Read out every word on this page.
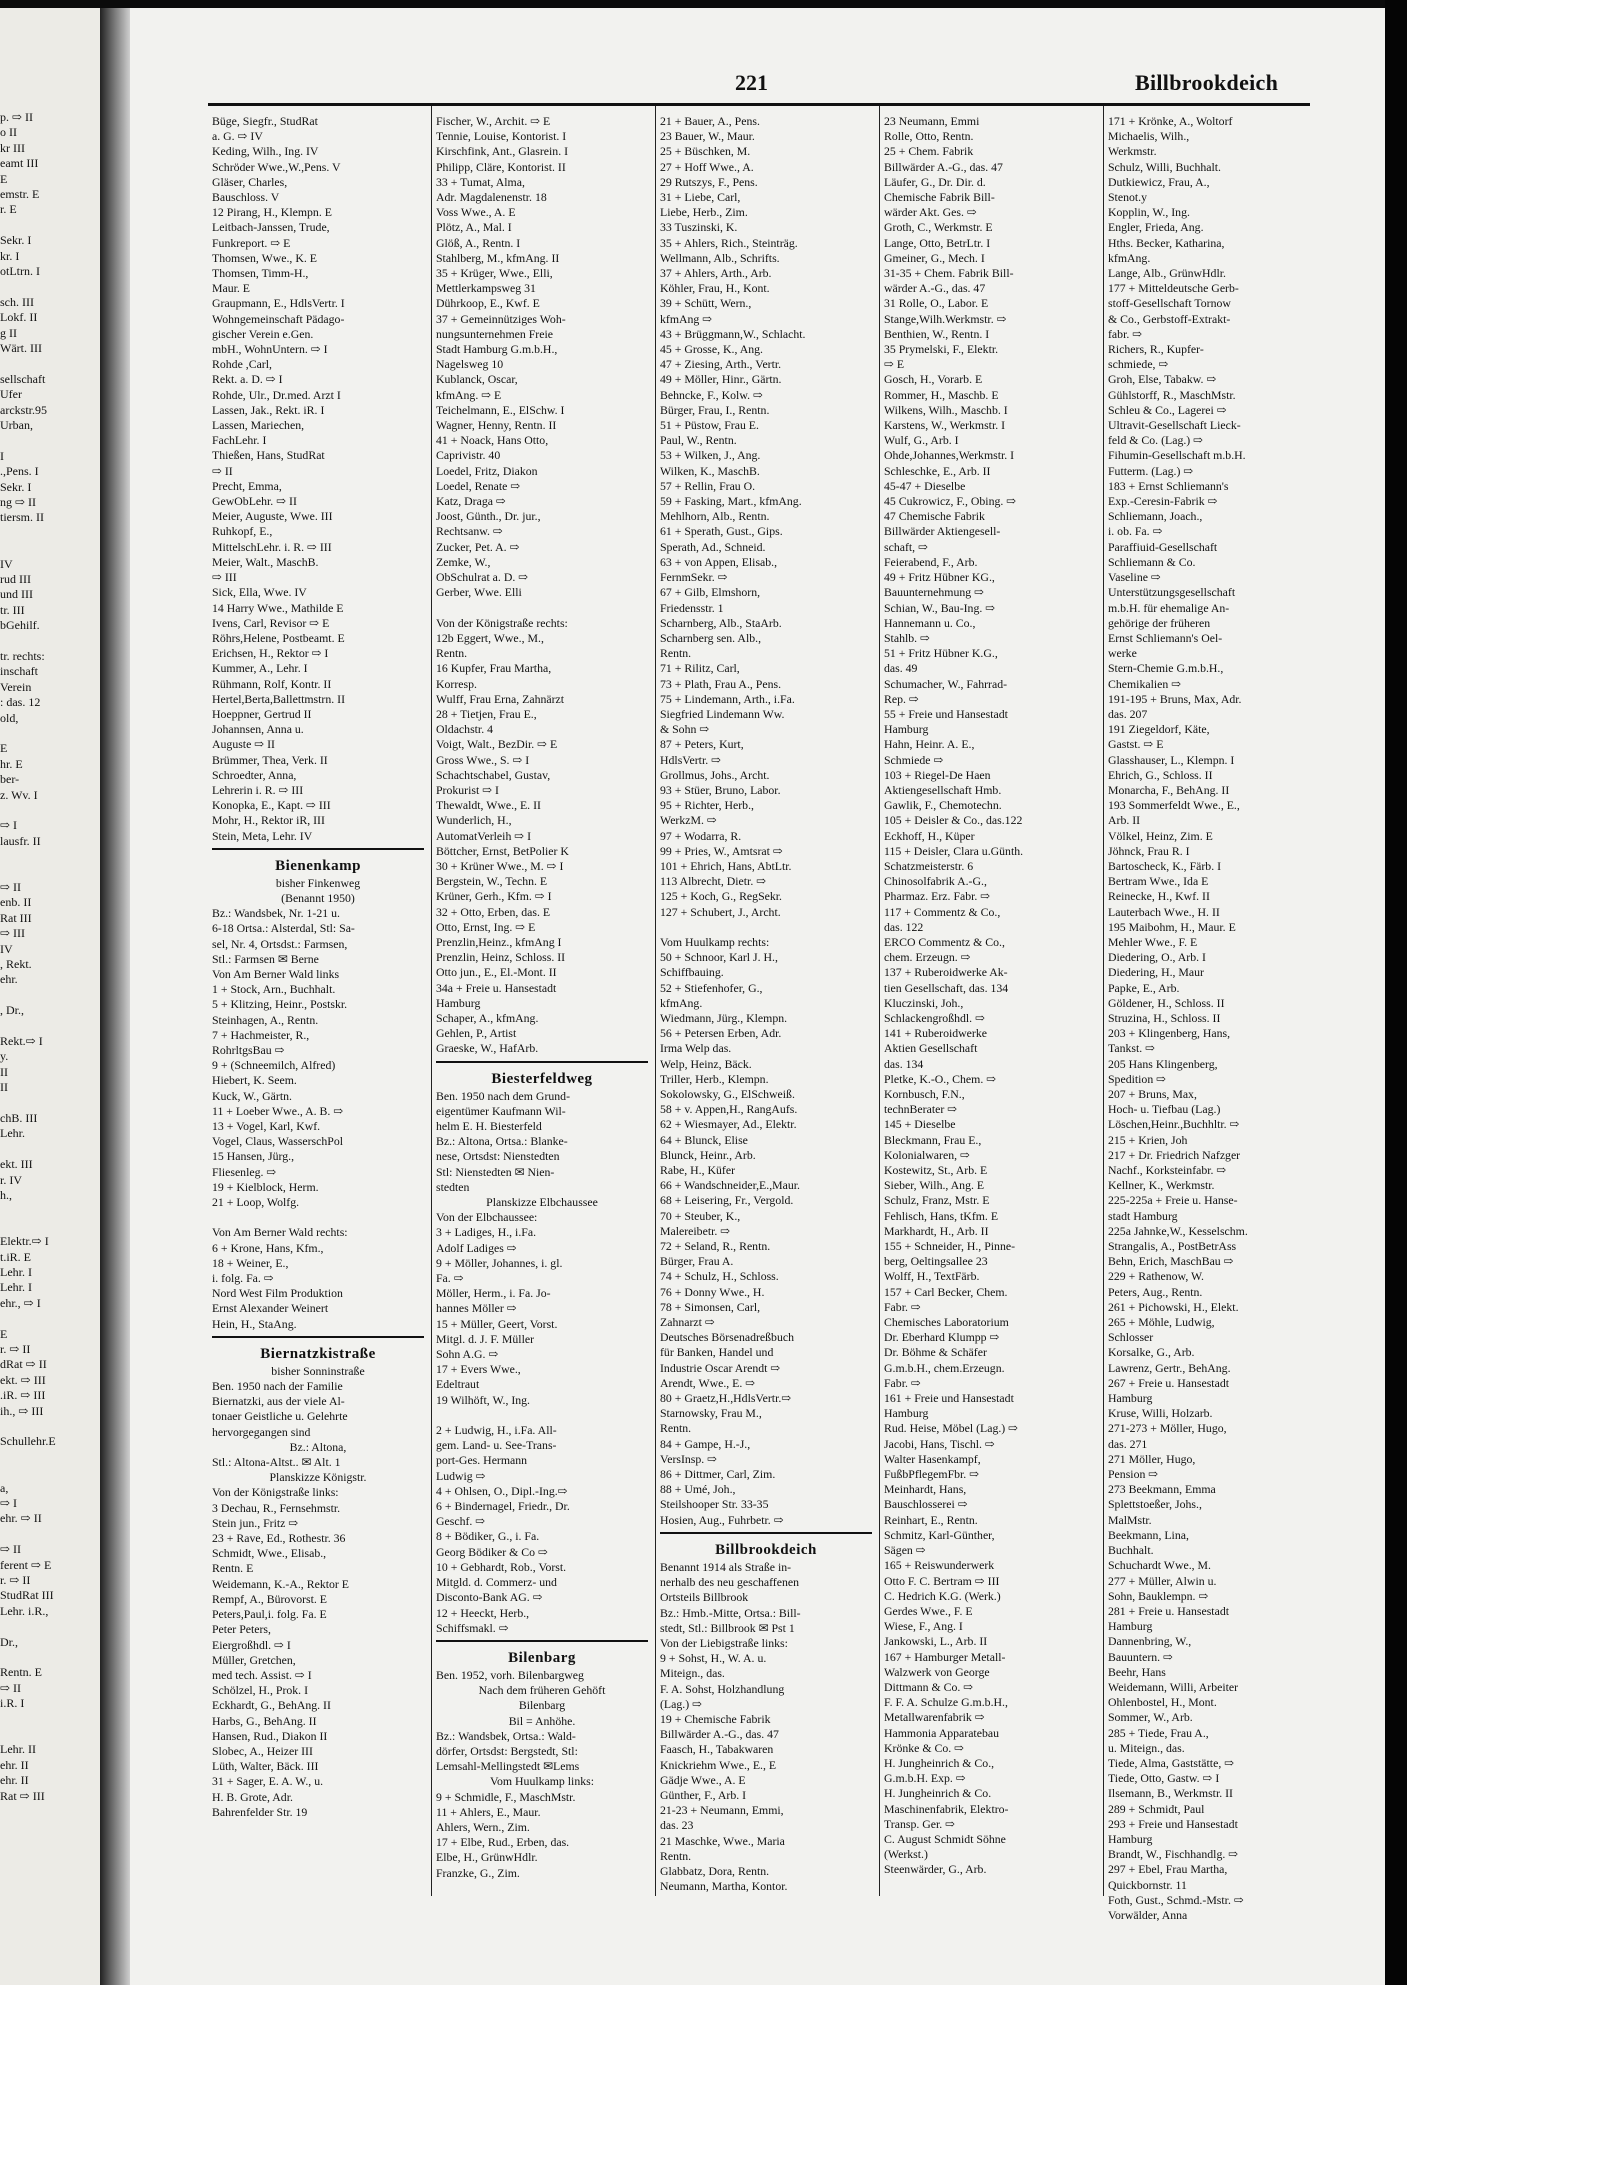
p. ⇨ II
o II
kr III
eamt III
E
emstr. E
r. E
Sekr. I
kr. I
otLtrn. I
sch. III
Lokf. II
g II
Wärt. III
sellschaft
Ufer
arckstr.95
Urban,
I
.,Pens. I
Sekr. I
ng ⇨ II
tiersm. II
IV
rud III
und III
tr. III
bGehilf.
tr. rechts:
inschaft
Verein
: das. 12
old,
E
hr. E
ber-
z. Wv. I
⇨ I
lausfr. II
⇨ II
enb. II
Rat III
⇨ III
IV
, Rekt.
ehr.
, Dr.,
Rekt.⇨ I
y.
II
II
chB. III
Lehr.
ekt. III
r. IV
h.,
Elektr.⇨ I
t.iR. E
Lehr. I
Lehr. I
ehr., ⇨ I
E
r. ⇨ II
dRat ⇨ II
ekt. ⇨ III
.iR. ⇨ III
ih., ⇨ III
Schullehr.E
a,
⇨ I
ehr. ⇨ II
⇨ II
ferent ⇨ E
r. ⇨ II
StudRat III
Lehr. i.R.,
Dr.,
Rentn. E
⇨ II
i.R. I
Lehr. II
ehr. II
ehr. II
Rat ⇨ III
221	Billbrookdeich
Büge, Siegfr., StudRat
a. G. ⇨ IV
Keding, Wilh., Ing. IV
Schröder Wwe.,W.,Pens. V
Gläser, Charles,
Bauschloss. V
12 Pirang, H., Klempn. E
Leitbach-Janssen, Trude,
Funkreport. ⇨ E
Thomsen, Wwe., K. E
Thomsen, Timm-H.,
Maur. E
Graupmann, E., HdlsVertr. I
Wohngemeinschaft Pädago-
gischer Verein e.Gen.
mbH., WohnUntern. ⇨ I
Rohde ,Carl,
Rekt. a. D. ⇨ I
Rohde, Ulr., Dr.med. Arzt I
Lassen, Jak., Rekt. iR. I
Lassen, Mariechen,
FachLehr. I
Thießen, Hans, StudRat
⇨ II
Precht, Emma,
GewObLehr. ⇨ II
Meier, Auguste, Wwe. III
Ruhkopf, E.,
MittelschLehr. i. R. ⇨ III
Meier, Walt., MaschB.
⇨ III
Sick, Ella, Wwe. IV
14 Harry Wwe., Mathilde E
Ivens, Carl, Revisor ⇨ E
Röhrs,Helene, Postbeamt. E
Erichsen, H., Rektor ⇨ I
Kummer, A., Lehr. I
Rühmann, Rolf, Kontr. II
Hertel,Berta,Ballettmstrn. II
Hoeppner, Gertrud II
Johannsen, Anna u.
Auguste ⇨ II
Brümmer, Thea, Verk. II
Schroedter, Anna,
Lehrerin i. R. ⇨ III
Konopka, E., Kapt. ⇨ III
Mohr, H., Rektor iR, III
Stein, Meta, Lehr. IV
Bienenkamp
bisher Finkenweg
(Benannt 1950)
Bz.: Wandsbek, Nr. 1-21 u.
6-18 Ortsa.: Alsterdal, Stl: Sa-
sel, Nr. 4, Ortsdst.: Farmsen,
Stl.: Farmsen ✉ Berne
Von Am Berner Wald links
1 + Stock, Arn., Buchhalt.
5 + Klitzing, Heinr., Postskr.
Steinhagen, A., Rentn.
7 + Hachmeister, R.,
RohrltgsBau ⇨
9 + (Schneemilch, Alfred)
Hiebert, K. Seem.
Kuck, W., Gärtn.
11 + Loeber Wwe., A. B. ⇨
13 + Vogel, Karl, Kwf.
Vogel, Claus, WasserschPol
15 Hansen, Jürg.,
Fliesenleg. ⇨
19 + Kielblock, Herm.
21 + Loop, Wolfg.

Von Am Berner Wald rechts:
6 + Krone, Hans, Kfm.,
18 + Weiner, E.,
i. folg. Fa. ⇨
Nord West Film Produktion
Ernst Alexander Weinert
Hein, H., StaAng.
Biernatzkistraße
bisher Sonninstraße
Ben. 1950 nach der Familie
Biernatzki, aus der viele Al-
tonaer Geistliche u. Gelehrte
hervorgegangen sind
Bz.: Altona,
Stl.: Altona-Altst.. ✉ Alt. 1
Planskizze Königstr.
Von der Königstraße links:
3 Dechau, R., Fernsehmstr.
Stein jun., Fritz ⇨
23 + Rave, Ed., Rothestr. 36
Schmidt, Wwe., Elisab.,
Rentn. E
Weidemann, K.-A., Rektor E
Rempf, A., Bürovorst. E
Peters,Paul,i. folg. Fa. E
Peter Peters,
Eiergroßhdl. ⇨ I
Müller, Gretchen,
med tech. Assist. ⇨ I
Schölzel, H., Prok. I
Eckhardt, G., BehAng. II
Harbs, G., BehAng. II
Hansen, Rud., Diakon II
Slobec, A., Heizer III
Lüth, Walter, Bäck. III
31 + Sager, E. A. W., u.
H. B. Grote, Adr.
Bahrenfelder Str. 19
Fischer, W., Archit. ⇨ E
Tennie, Louise, Kontorist. I
Kirschfink, Ant., Glasrein. I
Philipp, Cläre, Kontorist. II
33 + Tumat, Alma,
Adr. Magdalenenstr. 18
Voss Wwe., A. E
Plötz, A., Mal. I
Glöß, A., Rentn. I
Stahlberg, M., kfmAng. II
35 + Krüger, Wwe., Elli,
Mettlerkampsweg 31
Dührkoop, E., Kwf. E
37 + Gemeinnütziges Woh-
nungsunternehmen Freie
Stadt Hamburg G.m.b.H.,
Nagelsweg 10
Kublanck, Oscar,
kfmAng. ⇨ E
Teichelmann, E., ElSchw. I
Wagner, Henny, Rentn. II
41 + Noack, Hans Otto,
Caprivistr. 40
Loedel, Fritz, Diakon
Loedel, Renate ⇨
Katz, Draga ⇨
Joost, Günth., Dr. jur.,
Rechtsanw. ⇨
Zucker, Pet. A. ⇨
Zemke, W.,
ObSchulrat a. D. ⇨
Gerber, Wwe. Elli

Von der Königstraße rechts:
12b Eggert, Wwe., M.,
Rentn.
16 Kupfer, Frau Martha,
Korresp.
Wulff, Frau Erna, Zahnärzt
28 + Tietjen, Frau E.,
Oldachstr. 4
Voigt, Walt., BezDir. ⇨ E
Gross Wwe., S. ⇨ I
Schachtschabel, Gustav,
Prokurist ⇨ I
Thewaldt, Wwe., E. II
Wunderlich, H.,
AutomatVerleih ⇨ I
Böttcher, Ernst, BetPolier K
30 + Krüner Wwe., M. ⇨ I
Bergstein, W., Techn. E
Krüner, Gerh., Kfm. ⇨ I
32 + Otto, Erben, das. E
Otto, Ernst, Ing. ⇨ E
Prenzlin,Heinz., kfmAng I
Prenzlin, Heinz, Schloss. II
Otto jun., E., El.-Mont. II
34a + Freie u. Hansestadt
Hamburg
Schaper, A., kfmAng.
Gehlen, P., Artist
Graeske, W., HafArb.
Biesterfeldweg
Ben. 1950 nach dem Grund-
eigentümer Kaufmann Wil-
helm E. H. Biesterfeld
Bz.: Altona, Ortsa.: Blanke-
nese, Ortsdst: Nienstedten
Stl: Nienstedten ✉ Nien-
stedten
Planskizze Elbchaussee
Von der Elbchaussee:
3 + Ladiges, H., i.Fa.
Adolf Ladiges ⇨
9 + Möller, Johannes, i. gl.
Fa. ⇨
Möller, Herm., i. Fa. Jo-
hannes Möller ⇨
15 + Müller, Geert, Vorst.
Mitgl. d. J. F. Müller
Sohn A.G. ⇨
17 + Evers Wwe.,
Edeltraut
19 Wilhöft, W., Ing.

2 + Ludwig, H., i.Fa. All-
gem. Land- u. See-Trans-
port-Ges. Hermann
Ludwig ⇨
4 + Ohlsen, O., Dipl.-Ing.⇨
6 + Bindernagel, Friedr., Dr.
Geschf. ⇨
8 + Bödiker, G., i. Fa.
Georg Bödiker & Co ⇨
10 + Gebhardt, Rob., Vorst.
Mitgld. d. Commerz- und
Disconto-Bank AG. ⇨
12 + Heeckt, Herb.,
Schiffsmakl. ⇨
Bilenbarg
Ben. 1952, vorh. Bilenbargweg
Nach dem früheren Gehöft
Bilenbarg
Bil = Anhöhe.
Bz.: Wandsbek, Ortsa.: Wald-
dörfer, Ortsdst: Bergstedt, Stl:
Lemsahl-Mellingstedt ✉Lems
Vom Huulkamp links:
9 + Schmidle, F., MaschMstr.
11 + Ahlers, E., Maur.
Ahlers, Wern., Zim.
17 + Elbe, Rud., Erben, das.
Elbe, H., GrünwHdlr.
Franzke, G., Zim.
21 + Bauer, A., Pens.
23 Bauer, W., Maur.
25 + Büschken, M.
27 + Hoff Wwe., A.
29 Rutszys, F., Pens.
31 + Liebe, Carl,
Liebe, Herb., Zim.
33 Tuszinski, K.
35 + Ahlers, Rich., Steinträg.
Wellmann, Alb., Schrifts.
37 + Ahlers, Arth., Arb.
Köhler, Frau, H., Kont.
39 + Schütt, Wern.,
kfmAng ⇨
43 + Brüggmann,W., Schlacht.
45 + Grosse, K., Ang.
47 + Ziesing, Arth., Vertr.
49 + Möller, Hinr., Gärtn.
Behncke, F., Kolw. ⇨
Bürger, Frau, I., Rentn.
51 + Püstow, Frau E.
Paul, W., Rentn.
53 + Wilken, J., Ang.
Wilken, K., MaschB.
57 + Rellin, Frau O.
59 + Fasking, Mart., kfmAng.
Mehlhorn, Alb., Rentn.
61 + Sperath, Gust., Gips.
Sperath, Ad., Schneid.
63 + von Appen, Elisab.,
FernmSekr. ⇨
67 + Gilb, Elmshorn,
Friedensstr. 1
Scharnberg, Alb., StaArb.
Scharnberg sen. Alb.,
Rentn.
71 + Rilitz, Carl,
73 + Plath, Frau A., Pens.
75 + Lindemann, Arth., i.Fa.
Siegfried Lindemann Ww.
& Sohn ⇨
87 + Peters, Kurt,
HdlsVertr. ⇨
Grollmus, Johs., Archt.
93 + Stüer, Bruno, Labor.
95 + Richter, Herb.,
WerkzM. ⇨
97 + Wodarra, R.
99 + Pries, W., Amtsrat ⇨
101 + Ehrich, Hans, AbtLtr.
113 Albrecht, Dietr. ⇨
125 + Koch, G., RegSekr.
127 + Schubert, J., Archt.

Vom Huulkamp rechts:
50 + Schnoor, Karl J. H.,
Schiffbauing.
52 + Stiefenhofer, G.,
kfmAng.
Wiedmann, Jürg., Klempn.
56 + Petersen Erben, Adr.
Irma Welp das.
Welp, Heinz, Bäck.
Triller, Herb., Klempn.
Sokolowsky, G., ElSchweiß.
58 + v. Appen,H., RangAufs.
62 + Wiesmayer, Ad., Elektr.
64 + Blunck, Elise
Blunck, Heinr., Arb.
Rabe, H., Küfer
66 + Wandschneider,E.,Maur.
68 + Leisering, Fr., Vergold.
70 + Steuber, K.,
Malereibetr. ⇨
72 + Seland, R., Rentn.
Bürger, Frau A.
74 + Schulz, H., Schloss.
76 + Donny Wwe., H.
78 + Simonsen, Carl,
Zahnarzt ⇨
Deutsches Börsenadreßbuch
für Banken, Handel und
Industrie Oscar Arendt ⇨
Arendt, Wwe., E. ⇨
80 + Graetz,H.,HdlsVertr.⇨
Starnowsky, Frau M.,
Rentn.
84 + Gampe, H.-J.,
VersInsp. ⇨
86 + Dittmer, Carl, Zim.
88 + Umé, Joh.,
Steilshooper Str. 33-35
Hosien, Aug., Fuhrbetr. ⇨
Billbrookdeich
Benannt 1914 als Straße in-
nerhalb des neu geschaffenen
Ortsteils Billbrook
Bz.: Hmb.-Mitte, Ortsa.: Bill-
stedt, Stl.: Billbrook ✉ Pst 1
Von der Liebigstraße links:
9 + Sohst, H., W. A. u.
Miteign., das.
F. A. Sohst, Holzhandlung
(Lag.) ⇨
19 + Chemische Fabrik
Billwärder A.-G., das. 47
Faasch, H., Tabakwaren
Knickriehm Wwe., E., E
Gädje Wwe., A. E
Günther, F., Arb. I
21-23 + Neumann, Emmi,
das. 23
21 Maschke, Wwe., Maria
Rentn.
Glabbatz, Dora, Rentn.
Neumann, Martha, Kontor.
23 Neumann, Emmi
Rolle, Otto, Rentn.
25 + Chem. Fabrik
Billwärder A.-G., das. 47
Läufer, G., Dr. Dir. d.
Chemische Fabrik Bill-
wärder Akt. Ges. ⇨
Groth, C., Werkmstr. E
Lange, Otto, BetrLtr. I
Gmeiner, G., Mech. I
31-35 + Chem. Fabrik Bill-
wärder A.-G., das. 47
31 Rolle, O., Labor. E
Stange,Wilh.Werkmstr. ⇨
Benthien, W., Rentn. I
35 Prymelski, F., Elektr.
⇨ E
Gosch, H., Vorarb. E
Rommer, H., Maschb. E
Wilkens, Wilh., Maschb. I
Karstens, W., Werkmstr. I
Wulf, G., Arb. I
Ohde,Johannes,Werkmstr. I
Schleschke, E., Arb. II
45-47 + Dieselbe
45 Cukrowicz, F., Obing. ⇨
47 Chemische Fabrik
Billwärder Aktiengesell-
schaft, ⇨
Feierabend, F., Arb.
49 + Fritz Hübner KG.,
Bauunternehmung ⇨
Schian, W., Bau-Ing. ⇨
Hannemann u. Co.,
Stahlb. ⇨
51 + Fritz Hübner K.G.,
das. 49
Schumacher, W., Fahrrad-
Rep. ⇨
55 + Freie und Hansestadt
Hamburg
Hahn, Heinr. A. E.,
Schmiede ⇨
103 + Riegel-De Haen
Aktiengesellschaft Hmb.
Gawlik, F., Chemotechn.
105 + Deisler & Co., das.122
Eckhoff, H., Küper
115 + Deisler, Clara u.Günth.
Schatzmeisterstr. 6
Chinosolfabrik A.-G.,
Pharmaz. Erz. Fabr. ⇨
117 + Commentz & Co.,
das. 122
ERCO Commentz & Co.,
chem. Erzeugn. ⇨
137 + Ruberoidwerke Ak-
tien Gesellschaft, das. 134
Kluczinski, Joh.,
Schlackengroßhdl. ⇨
141 + Ruberoidwerke
Aktien Gesellschaft
das. 134
Pletke, K.-O., Chem. ⇨
Kornbusch, F.N.,
technBerater ⇨
145 + Dieselbe
Bleckmann, Frau E.,
Kolonialwaren, ⇨
Kostewitz, St., Arb. E
Sieber, Wilh., Ang. E
Schulz, Franz, Mstr. E
Fehlisch, Hans, tKfm. E
Markhardt, H., Arb. II
155 + Schneider, H., Pinne-
berg, Oeltingsallee 23
Wolff, H., TextFärb.
157 + Carl Becker, Chem.
Fabr. ⇨
Chemisches Laboratorium
Dr. Eberhard Klumpp ⇨
Dr. Böhme & Schäfer
G.m.b.H., chem.Erzeugn.
Fabr. ⇨
161 + Freie und Hansestadt
Hamburg
Rud. Heise, Möbel (Lag.) ⇨
Jacobi, Hans, Tischl. ⇨
Walter Hasenkampf,
FußbPflegemFbr. ⇨
Meinhardt, Hans,
Bauschlosserei ⇨
Reinhart, E., Rentn.
Schmitz, Karl-Günther,
Sägen ⇨
165 + Reiswunderwerk
Otto F. C. Bertram ⇨ III
C. Hedrich K.G. (Werk.)
Gerdes Wwe., F. E
Wiese, F., Ang. I
Jankowski, L., Arb. II
167 + Hamburger Metall-
Walzwerk von George
Dittmann & Co. ⇨
F. F. A. Schulze G.m.b.H.,
Metallwarenfabrik ⇨
Hammonia Apparatebau
Krönke & Co. ⇨
H. Jungheinrich & Co.,
G.m.b.H. Exp. ⇨
H. Jungheinrich & Co.
Maschinenfabrik, Elektro-
Transp. Ger. ⇨
C. August Schmidt Söhne
(Werkst.)
Steenwärder, G., Arb.
171 + Krönke, A., Woltorf
Michaelis, Wilh.,
Werkmstr.
Schulz, Willi, Buchhalt.
Dutkiewicz, Frau, A.,
Stenot.y
Kopplin, W., Ing.
Engler, Frieda, Ang.
Hths. Becker, Katharina,
kfmAng.
Lange, Alb., GrünwHdlr.
177 + Mitteldeutsche Gerb-
stoff-Gesellschaft Tornow
& Co., Gerbstoff-Extrakt-
fabr. ⇨
Richers, R., Kupfer-
schmiede, ⇨
Groh, Else, Tabakw. ⇨
Gühlstorff, R., MaschMstr.
Schleu & Co., Lagerei ⇨
Ultravit-Gesellschaft Lieck-
feld & Co. (Lag.) ⇨
Fihumin-Gesellschaft m.b.H.
Futterm. (Lag.) ⇨
183 + Ernst Schliemann's
Exp.-Ceresin-Fabrik ⇨
Schliemann, Joach.,
i. ob. Fa. ⇨
Paraffiuid-Gesellschaft
Schliemann & Co.
Vaseline ⇨
Unterstützungsgesellschaft
m.b.H. für ehemalige An-
gehörige der früheren
Ernst Schliemann's Oel-
werke
Stern-Chemie G.m.b.H.,
Chemikalien ⇨
191-195 + Bruns, Max, Adr.
das. 207
191 Ziegeldorf, Käte,
Gastst. ⇨ E
Glasshauser, L., Klempn. I
Ehrich, G., Schloss. II
Monarcha, F., BehAng. II
193 Sommerfeldt Wwe., E.,
Arb. II
Völkel, Heinz, Zim. E
Jöhnck, Frau R. I
Bartoscheck, K., Färb. I
Bertram Wwe., Ida E
Reinecke, H., Kwf. II
Lauterbach Wwe., H. II
195 Maibohm, H., Maur. E
Mehler Wwe., F. E
Diedering, O., Arb. I
Diedering, H., Maur
Papke, E., Arb.
Göldener, H., Schloss. II
Struzina, H., Schloss. II
203 + Klingenberg, Hans,
Tankst. ⇨
205 Hans Klingenberg,
Spedition ⇨
207 + Bruns, Max,
Hoch- u. Tiefbau (Lag.)
Löschen,Heinr.,Buchhltr. ⇨
215 + Krien, Joh
217 + Dr. Friedrich Nafzger
Nachf., Korksteinfabr. ⇨
Kellner, K., Werkmstr.
225-225a + Freie u. Hanse-
stadt Hamburg
225a Jahnke,W., Kesselschm.
Strangalis, A., PostBetrAss
Behn, Erich, MaschBau ⇨
229 + Rathenow, W.
Peters, Aug., Rentn.
261 + Pichowski, H., Elekt.
265 + Möhle, Ludwig,
Schlosser
Korsalke, G., Arb.
Lawrenz, Gertr., BehAng.
267 + Freie u. Hansestadt
Hamburg
Kruse, Willi, Holzarb.
271-273 + Möller, Hugo,
das. 271
271 Möller, Hugo,
Pension ⇨
273 Beekmann, Emma
Splettstoeßer, Johs.,
MalMstr.
Beekmann, Lina,
Buchhalt.
Schuchardt Wwe., M.
277 + Müller, Alwin u.
Sohn, Bauklempn. ⇨
281 + Freie u. Hansestadt
Hamburg
Dannenbring, W.,
Bauuntern. ⇨
Beehr, Hans
Weidemann, Willi, Arbeiter
Ohlenbostel, H., Mont.
Sommer, W., Arb.
285 + Tiede, Frau A.,
u. Miteign., das.
Tiede, Alma, Gaststätte, ⇨
Tiede, Otto, Gastw. ⇨ I
Ilsemann, B., Werkmstr. II
289 + Schmidt, Paul
293 + Freie und Hansestadt
Hamburg
Brandt, W., Fischhandlg. ⇨
297 + Ebel, Frau Martha,
Quickbornstr. 11
Foth, Gust., Schmd.-Mstr. ⇨
Vorwälder, Anna
